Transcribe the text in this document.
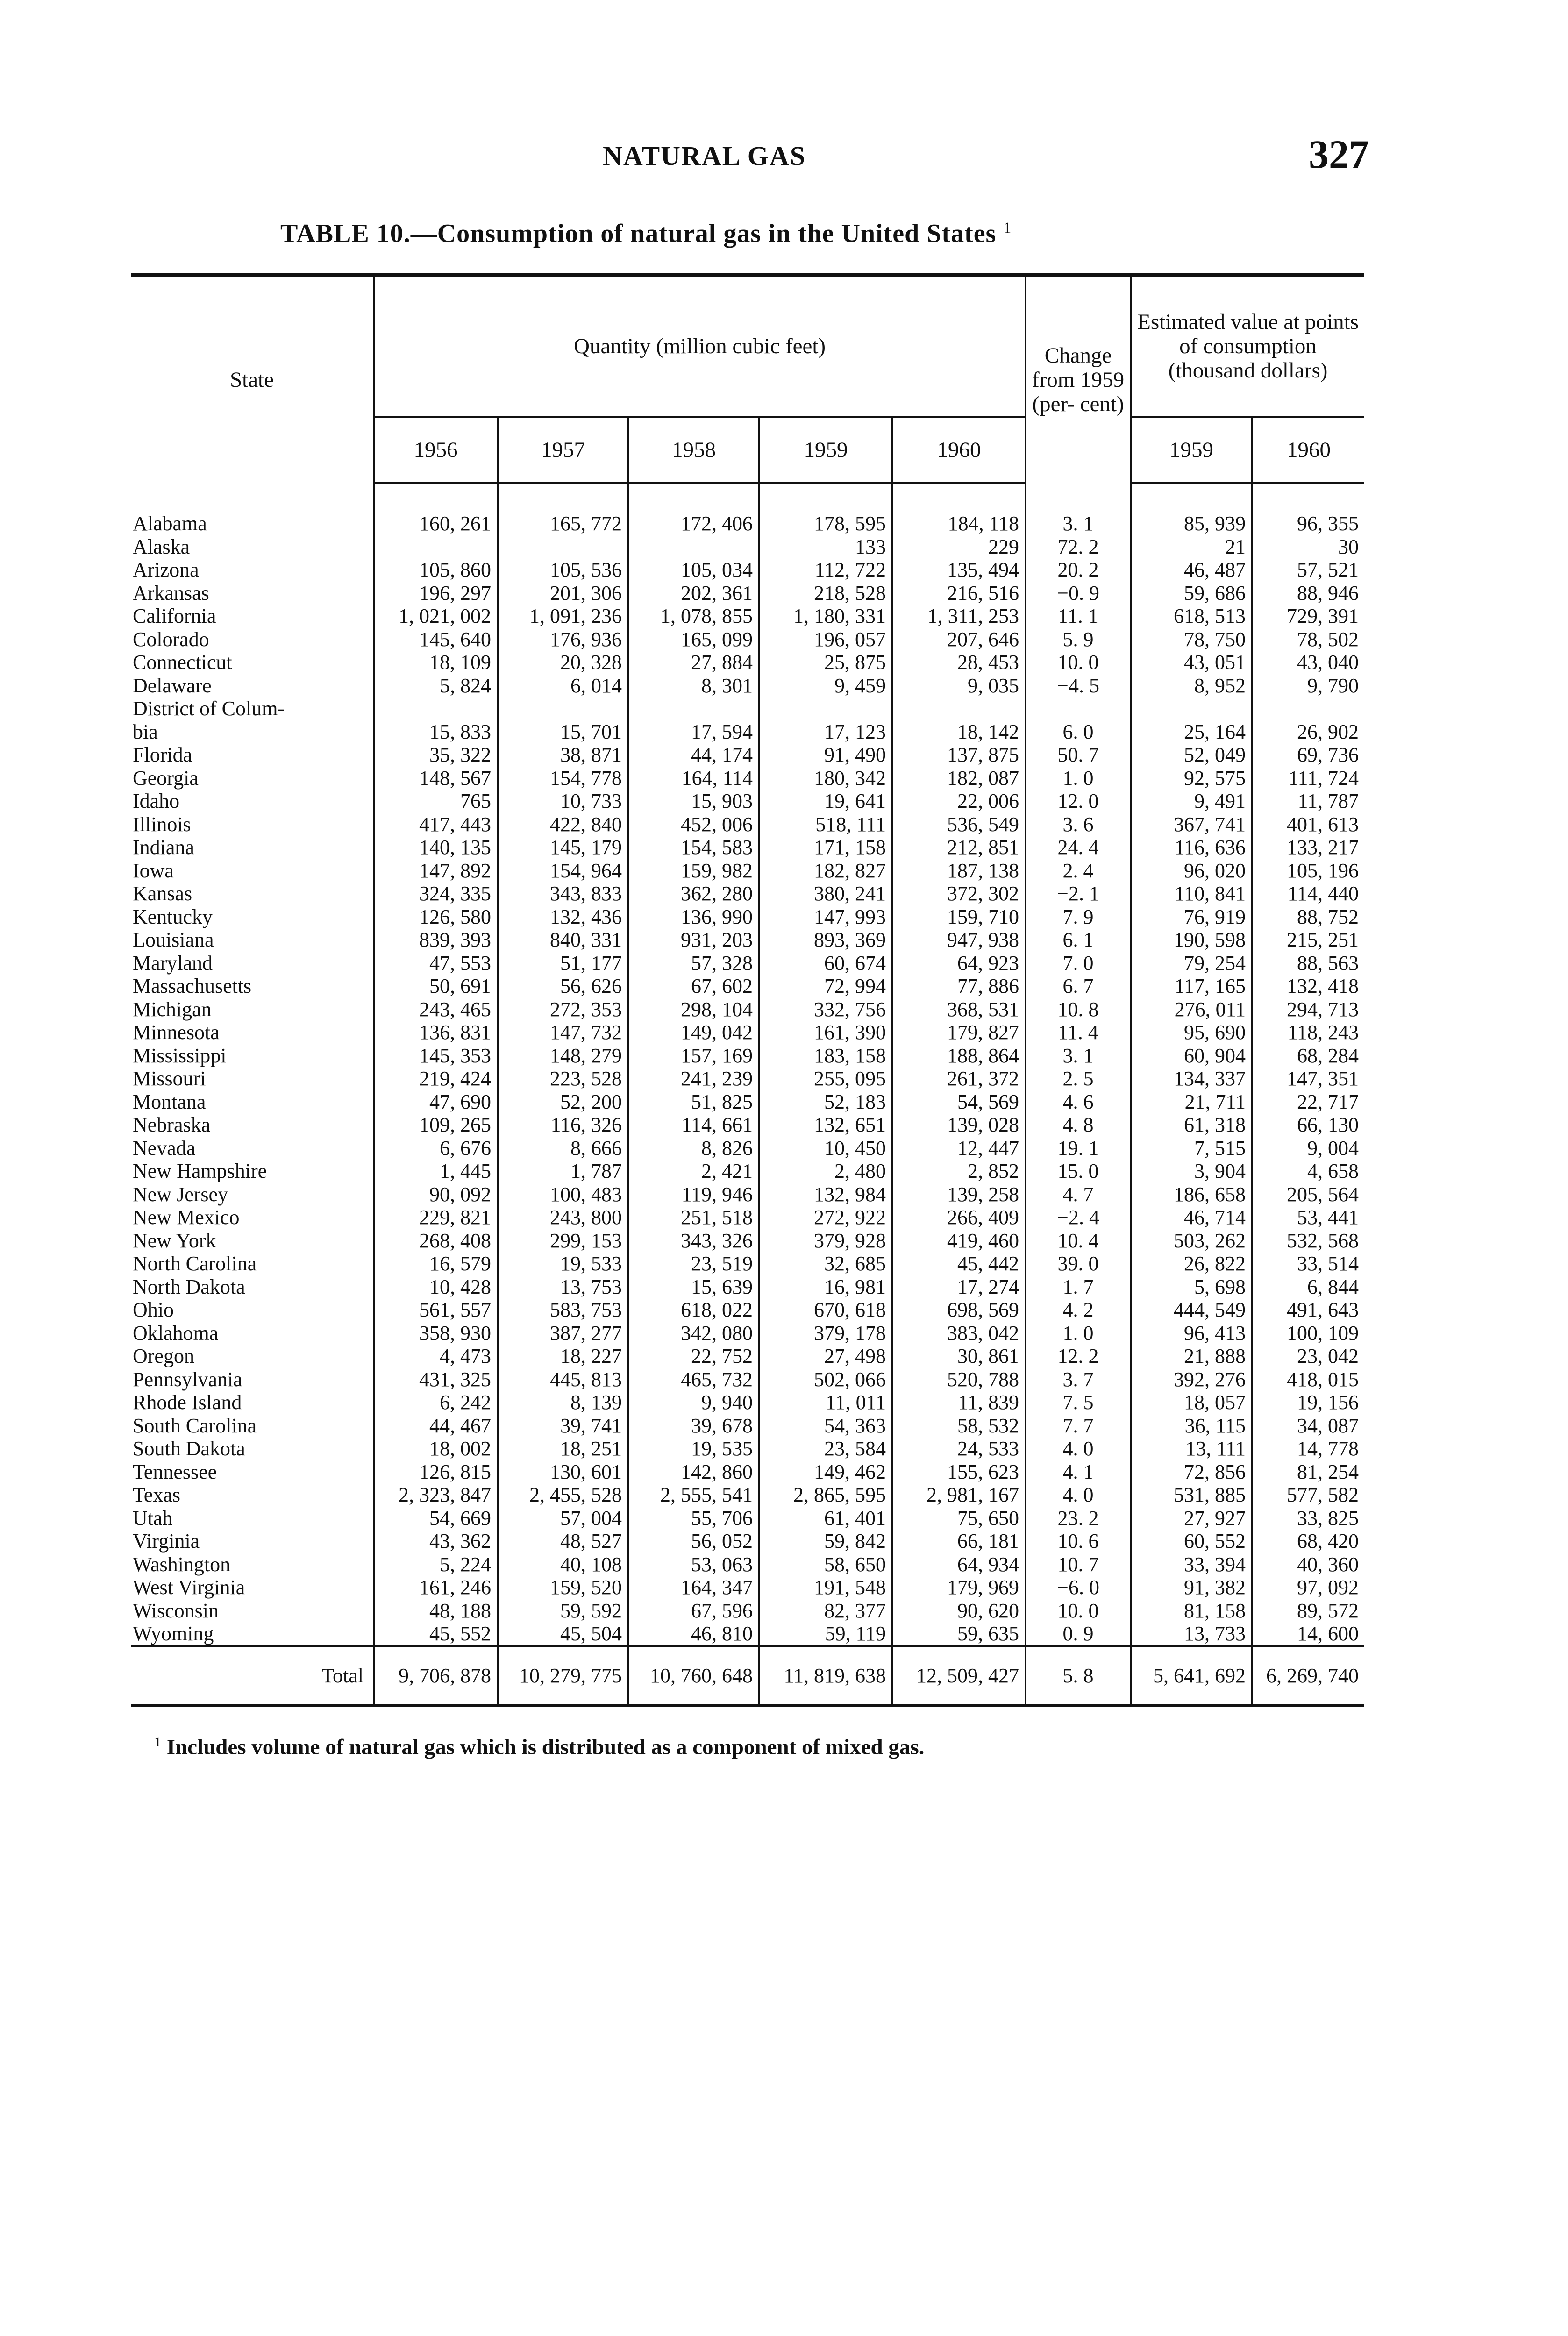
NATURAL GAS	327
TABLE 10.—Consumption of natural gas in the United States $^1$
State	Quantity (million cubic feet)					Change from 1959 (per- cent)	Estimated value at points of consumption (thousand dollars)	
	1956	1957	1958	1959	1960		1959	1960

Alabama	160, 261	165, 772	172, 406	178, 595	184, 118	3. 1	85, 939	96, 355
Alaska				133	229	72. 2	21	30
Arizona	105, 860	105, 536	105, 034	112, 722	135, 494	20. 2	46, 487	57, 521
Arkansas	196, 297	201, 306	202, 361	218, 528	216, 516	−0. 9	59, 686	88, 946
California	1, 021, 002	1, 091, 236	1, 078, 855	1, 180, 331	1, 311, 253	11. 1	618, 513	729, 391
Colorado	145, 640	176, 936	165, 099	196, 057	207, 646	5. 9	78, 750	78, 502
Connecticut	18, 109	20, 328	27, 884	25, 875	28, 453	10. 0	43, 051	43, 040
Delaware	5, 824	6, 014	8, 301	9, 459	9, 035	−4. 5	8, 952	9, 790
District of Colum-								
bia	15, 833	15, 701	17, 594	17, 123	18, 142	6. 0	25, 164	26, 902
Florida	35, 322	38, 871	44, 174	91, 490	137, 875	50. 7	52, 049	69, 736
Georgia	148, 567	154, 778	164, 114	180, 342	182, 087	1. 0	92, 575	111, 724
Idaho	765	10, 733	15, 903	19, 641	22, 006	12. 0	9, 491	11, 787
Illinois	417, 443	422, 840	452, 006	518, 111	536, 549	3. 6	367, 741	401, 613
Indiana	140, 135	145, 179	154, 583	171, 158	212, 851	24. 4	116, 636	133, 217
Iowa	147, 892	154, 964	159, 982	182, 827	187, 138	2. 4	96, 020	105, 196
Kansas	324, 335	343, 833	362, 280	380, 241	372, 302	−2. 1	110, 841	114, 440
Kentucky	126, 580	132, 436	136, 990	147, 993	159, 710	7. 9	76, 919	88, 752
Louisiana	839, 393	840, 331	931, 203	893, 369	947, 938	6. 1	190, 598	215, 251
Maryland	47, 553	51, 177	57, 328	60, 674	64, 923	7. 0	79, 254	88, 563
Massachusetts	50, 691	56, 626	67, 602	72, 994	77, 886	6. 7	117, 165	132, 418
Michigan	243, 465	272, 353	298, 104	332, 756	368, 531	10. 8	276, 011	294, 713
Minnesota	136, 831	147, 732	149, 042	161, 390	179, 827	11. 4	95, 690	118, 243
Mississippi	145, 353	148, 279	157, 169	183, 158	188, 864	3. 1	60, 904	68, 284
Missouri	219, 424	223, 528	241, 239	255, 095	261, 372	2. 5	134, 337	147, 351
Montana	47, 690	52, 200	51, 825	52, 183	54, 569	4. 6	21, 711	22, 717
Nebraska	109, 265	116, 326	114, 661	132, 651	139, 028	4. 8	61, 318	66, 130
Nevada	6, 676	8, 666	8, 826	10, 450	12, 447	19. 1	7, 515	9, 004
New Hampshire	1, 445	1, 787	2, 421	2, 480	2, 852	15. 0	3, 904	4, 658
New Jersey	90, 092	100, 483	119, 946	132, 984	139, 258	4. 7	186, 658	205, 564
New Mexico	229, 821	243, 800	251, 518	272, 922	266, 409	−2. 4	46, 714	53, 441
New York	268, 408	299, 153	343, 326	379, 928	419, 460	10. 4	503, 262	532, 568
North Carolina	16, 579	19, 533	23, 519	32, 685	45, 442	39. 0	26, 822	33, 514
North Dakota	10, 428	13, 753	15, 639	16, 981	17, 274	1. 7	5, 698	6, 844
Ohio	561, 557	583, 753	618, 022	670, 618	698, 569	4. 2	444, 549	491, 643
Oklahoma	358, 930	387, 277	342, 080	379, 178	383, 042	1. 0	96, 413	100, 109
Oregon	4, 473	18, 227	22, 752	27, 498	30, 861	12. 2	21, 888	23, 042
Pennsylvania	431, 325	445, 813	465, 732	502, 066	520, 788	3. 7	392, 276	418, 015
Rhode Island	6, 242	8, 139	9, 940	11, 011	11, 839	7. 5	18, 057	19, 156
South Carolina	44, 467	39, 741	39, 678	54, 363	58, 532	7. 7	36, 115	34, 087
South Dakota	18, 002	18, 251	19, 535	23, 584	24, 533	4. 0	13, 111	14, 778
Tennessee	126, 815	130, 601	142, 860	149, 462	155, 623	4. 1	72, 856	81, 254
Texas	2, 323, 847	2, 455, 528	2, 555, 541	2, 865, 595	2, 981, 167	4. 0	531, 885	577, 582
Utah	54, 669	57, 004	55, 706	61, 401	75, 650	23. 2	27, 927	33, 825
Virginia	43, 362	48, 527	56, 052	59, 842	66, 181	10. 6	60, 552	68, 420
Washington	5, 224	40, 108	53, 063	58, 650	64, 934	10. 7	33, 394	40, 360
West Virginia	161, 246	159, 520	164, 347	191, 548	179, 969	−6. 0	91, 382	97, 092
Wisconsin	48, 188	59, 592	67, 596	82, 377	90, 620	10. 0	81, 158	89, 572
Wyoming	45, 552	45, 504	46, 810	59, 119	59, 635	0. 9	13, 733	14, 600
Total	9, 706, 878	10, 279, 775	10, 760, 648	11, 819, 638	12, 509, 427	5. 8	5, 641, 692	6, 269, 740
$^1$ Includes volume of natural gas which is distributed as a component of mixed gas.
